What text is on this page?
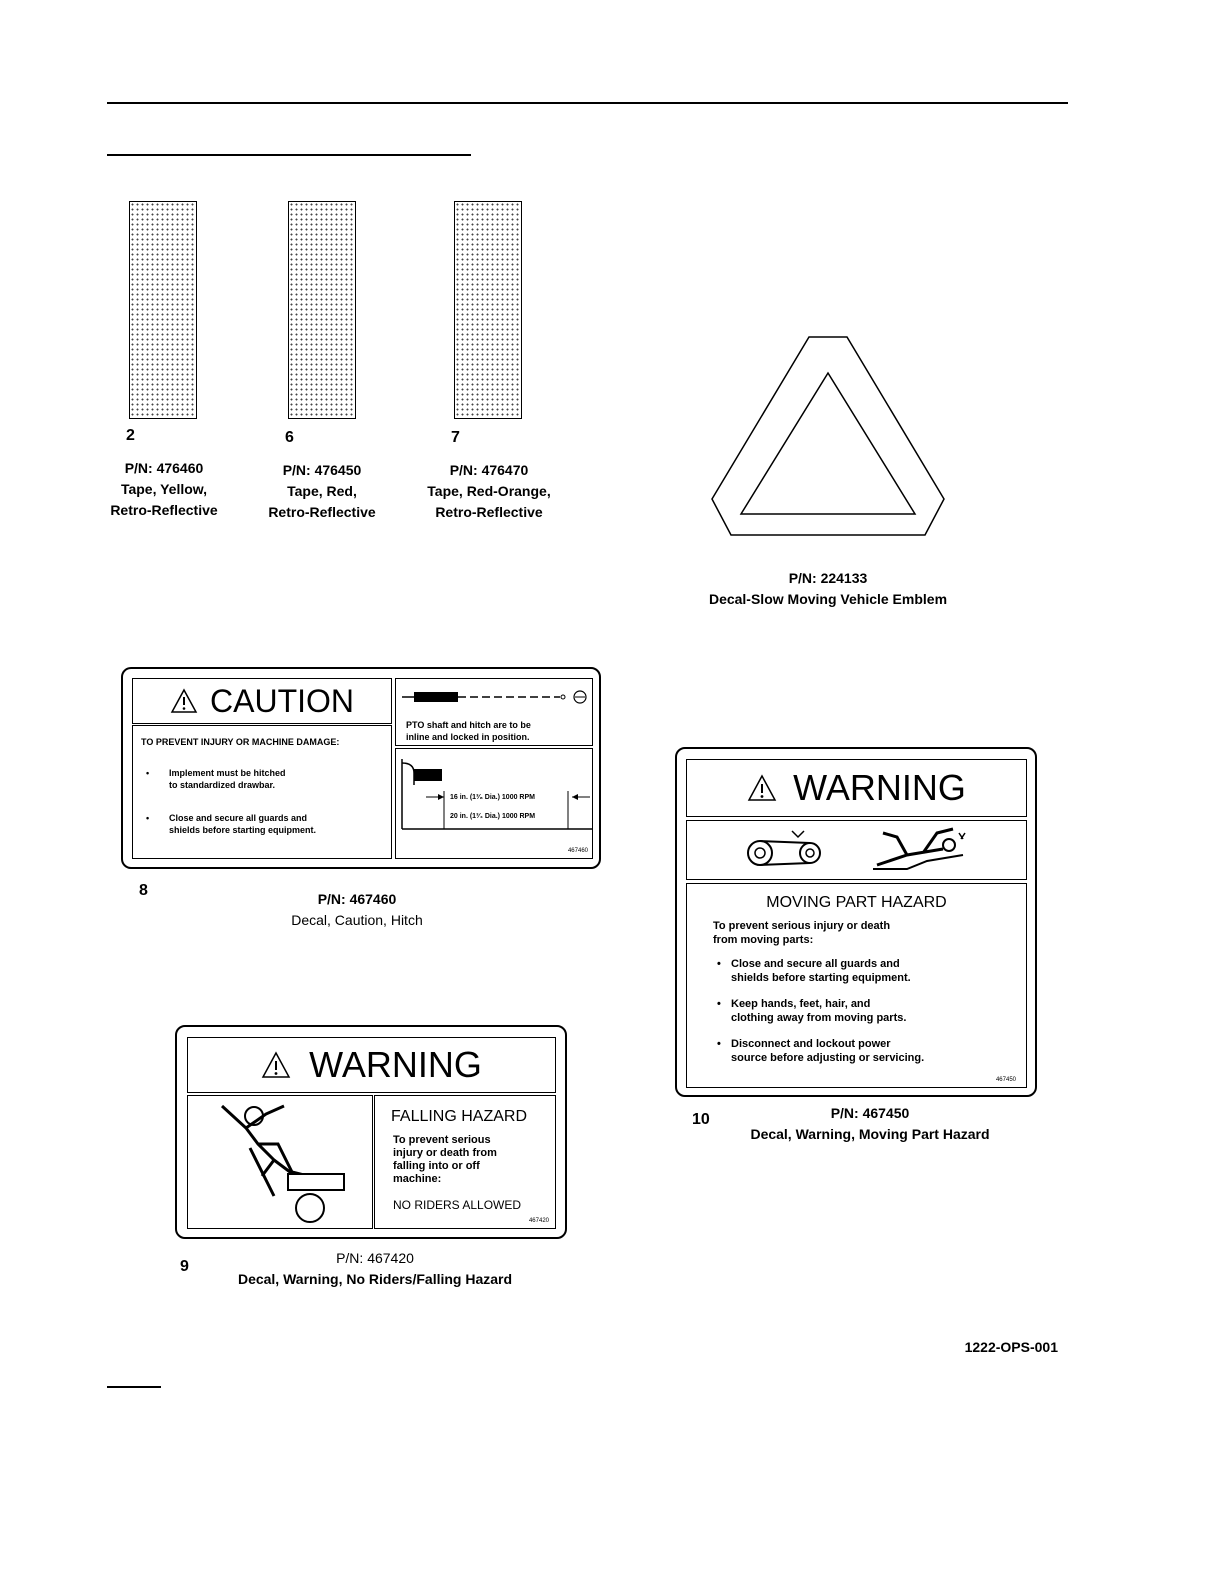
2	6	7
P/N: 476460
Tape, Yellow,
Retro-Reflective
P/N: 476450
Tape, Red,
Retro-Reflective
P/N: 476470
Tape, Red-Orange,
Retro-Reflective
P/N: 224133
Decal-Slow Moving Vehicle Emblem
CAUTION
TO PREVENT INJURY OR MACHINE DAMAGE:
• Implement must be hitched
to standardized drawbar.
• Close and secure all guards and
shields before starting equipment.
PTO shaft and hitch are to be
inline and locked in position.
16 in. (1³⁄₈ Dia.) 1000 RPM
20 in. (1³⁄₄ Dia.) 1000 RPM
467460
8	P/N: 467460
Decal, Caution, Hitch
WARNING
FALLING HAZARD
To prevent serious
injury or death from
falling into or off
machine:
NO RIDERS ALLOWED
467420
9	P/N: 467420
Decal, Warning, No Riders/Falling Hazard
WARNING
MOVING PART HAZARD
To prevent serious injury or death
from moving parts:
• Close and secure all guards and
shields before starting equipment.
• Keep hands, feet, hair, and
clothing away from moving parts.
• Disconnect and lockout power
source before adjusting or servicing.
467450
10	P/N: 467450
Decal, Warning, Moving Part Hazard
1222-OPS-001
